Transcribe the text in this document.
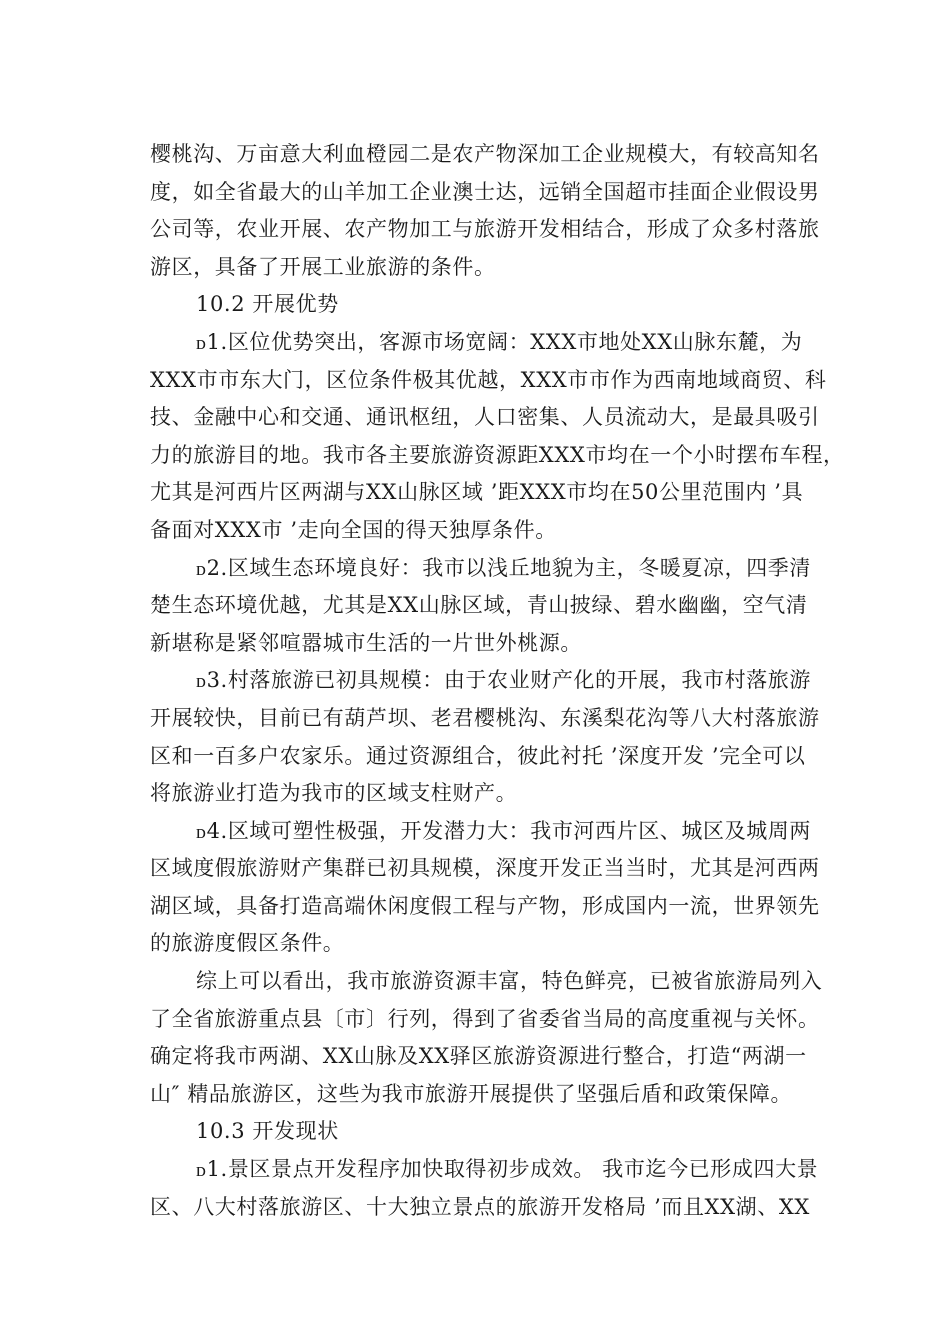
樱桃沟、万亩意大利血橙园二是农产物深加工企业规模大，有较高知名
度，如全省最大的山羊加工企业澳士达，远销全国超市挂面企业假设男
公司等，农业开展、农产物加工与旅游开发相结合，形成了众多村落旅
游区，具备了开展工业旅游的条件。
10.2 开展优势
ᴅ1.区位优势突出，客源市场宽阔：XXX市地处XX山脉东麓，为
XXX市市东大门，区位条件极其优越，XXX市市作为西南地域商贸、科
技、金融中心和交通、通讯枢纽，人口密集、人员流动大，是最具吸引
力的旅游目的地。我市各主要旅游资源距XXX市均在一个小时摆布车程，
尤其是河西片区两湖与XX山脉区域 ’距XXX市均在50公里范围内 ’具
备面对XXX市 ’走向全国的得天独厚条件。
ᴅ2.区域生态环境良好：我市以浅丘地貌为主，冬暖夏凉，四季清
楚生态环境优越，尤其是XX山脉区域，青山披绿、碧水幽幽，空气清
新堪称是紧邻喧嚣城市生活的一片世外桃源。
ᴅ3.村落旅游已初具规模：由于农业财产化的开展，我市村落旅游
开展较快，目前已有葫芦坝、老君樱桃沟、东溪梨花沟等八大村落旅游
区和一百多户农家乐。通过资源组合，彼此衬托 ’深度开发 ’完全可以
将旅游业打造为我市的区域支柱财产。
ᴅ4.区域可塑性极强，开发潜力大：我市河西片区、城区及城周两
区域度假旅游财产集群已初具规模，深度开发正当当时，尤其是河西两
湖区域，具备打造高端休闲度假工程与产物，形成国内一流，世界领先
的旅游度假区条件。
综上可以看出，我市旅游资源丰富，特色鲜亮，已被省旅游局列入
了全省旅游重点县〔市〕行列，得到了省委省当局的高度重视与关怀。
确定将我市两湖、XX山脉及XX驿区旅游资源进行整合，打造“两湖一
山″ 精品旅游区，这些为我市旅游开展提供了坚强后盾和政策保障。
10.3 开发现状
ᴅ1.景区景点开发程序加快取得初步成效。 我市迄今已形成四大景
区、八大村落旅游区、十大独立景点的旅游开发格局 ’而且XX湖、XX
